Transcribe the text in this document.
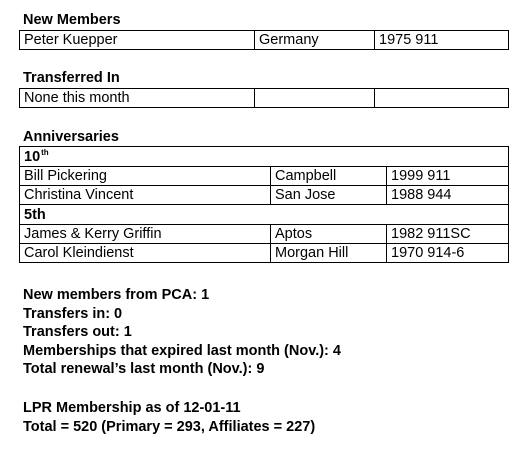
New Members
Peter Kuepper	Germany	1975 911
Transferred In
None this month		
Anniversaries
10th
Bill Pickering	Campbell	1999 911
Christina Vincent	San Jose	1988 944
5th		
James & Kerry Griffin	Aptos	1982 911SC
Carol Kleindienst	Morgan Hill	1970 914-6
New members from PCA: 1
Transfers in: 0
Transfers out: 1
Memberships that expired last month (Nov.): 4
Total renewal’s last month (Nov.): 9
LPR Membership as of 12-01-11
Total = 520 (Primary = 293, Affiliates = 227)
